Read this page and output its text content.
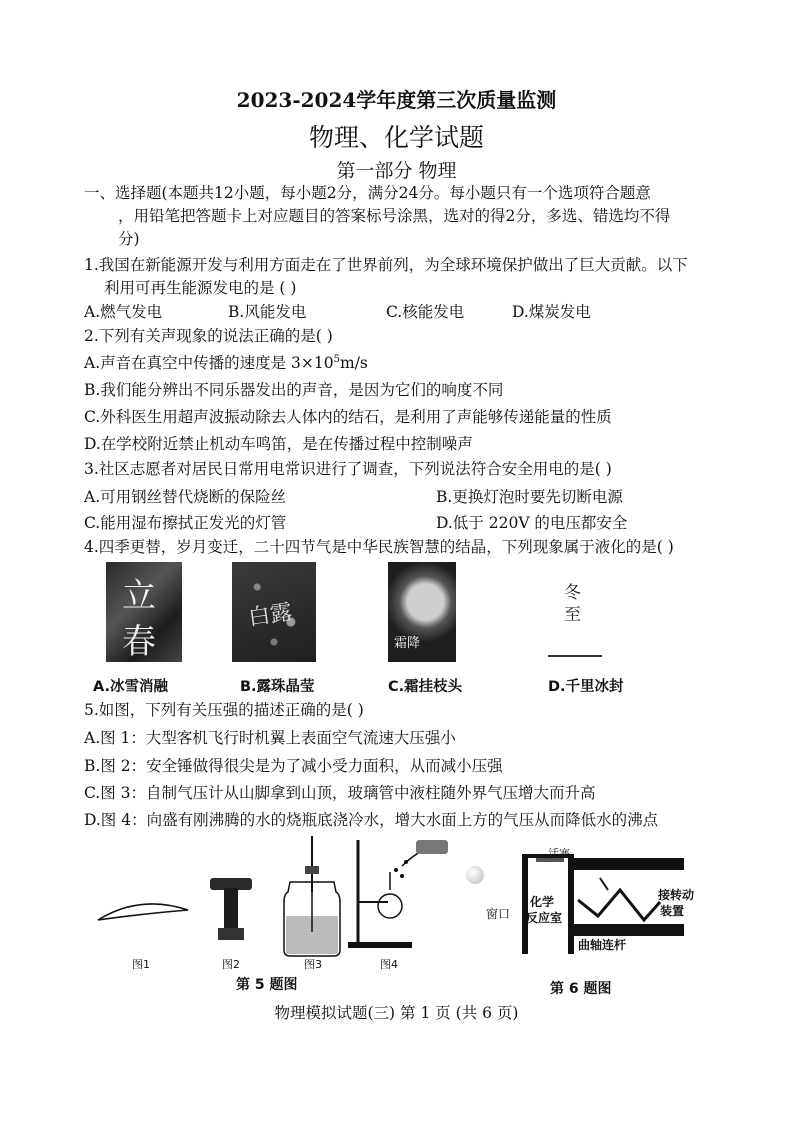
2023-2024学年度第三次质量监测
物理、化学试题
第一部分 物理
一、选择题(本题共12小题，每小题2分，满分24分。每小题只有一个选项符合题意
，用铅笔把答题卡上对应题目的答案标号涂黑，选对的得2分，多选、错选均不得
分)
1.我国在新能源开发与利用方面走在了世界前列，为全球环境保护做出了巨大贡献。以下
利用可再生能源发电的是 ( )
A.燃气发电	B.风能发电	C.核能发电	D.煤炭发电
2.下列有关声现象的说法正确的是( )
A.声音在真空中传播的速度是 $3\times 10^5m/s$
B.我们能分辨出不同乐器发出的声音，是因为它们的响度不同
C.外科医生用超声波振动除去人体内的结石，是利用了声能够传递能量的性质
D.在学校附近禁止机动车鸣笛，是在传播过程中控制噪声
3.社区志愿者对居民日常用电常识进行了调查，下列说法符合安全用电的是( )
A.可用钢丝替代烧断的保险丝	B.更换灯泡时要先切断电源
C.能用湿布擦拭正发光的灯管	D.低于 220V 的电压都安全
4.四季更替，岁月变迁，二十四节气是中华民族智慧的结晶，下列现象属于液化的是( )
立
春
白露
霜降
冬
至
A.冰雪消融	B.露珠晶莹	C.霜挂枝头	D.千里冰封
5.如图，下列有关压强的描述正确的是( )
A.图 1：大型客机飞行时机翼上表面空气流速大压强小
B.图 2：安全锤做得很尖是为了减小受力面积，从而减小压强
C.图 3：自制气压计从山脚拿到山顶，玻璃管中液柱随外界气压增大而升高
D.图 4：向盛有刚沸腾的水的烧瓶底浇冷水，增大水面上方的气压从而降低水的沸点
图1	图2	图3	图4
第 5 题图
活塞
窗口
化学
反应室
曲轴连杆
接转动
装置
第 6 题图
物理模拟试题(三) 第 1 页 (共 6 页)
